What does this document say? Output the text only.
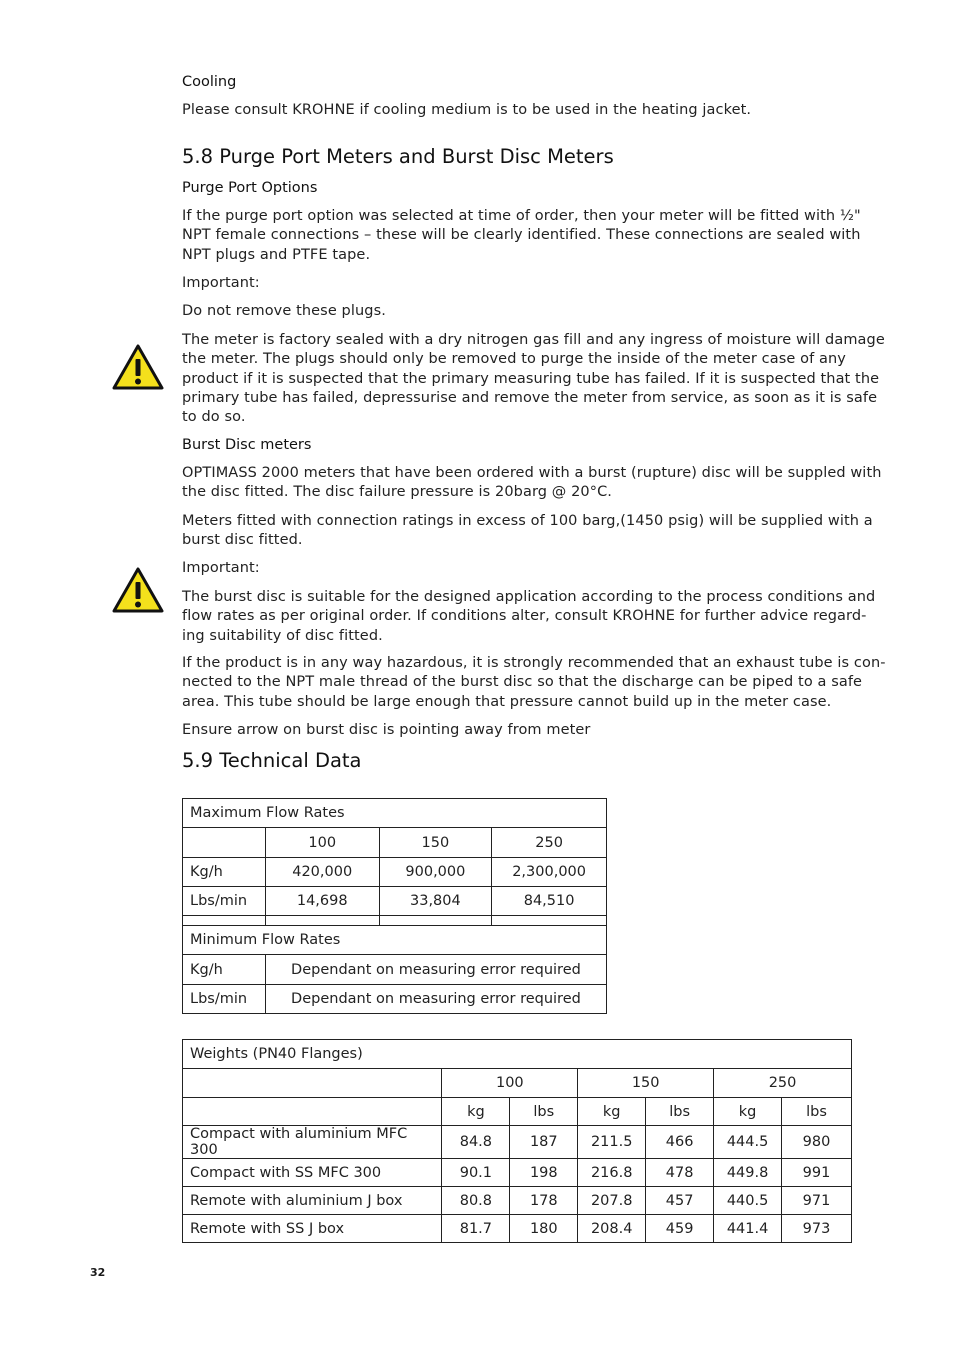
Cooling
Please consult KROHNE if cooling medium is to be used in the heating jacket.
5.8 Purge Port Meters and Burst Disc Meters
Purge Port Options
If the purge port option was selected at time of order, then your meter will be fitted with ½"
NPT female connections – these will be clearly identified. These connections are sealed with
NPT plugs and PTFE tape.
Important:
Do not remove these plugs.
The meter is factory sealed with a dry nitrogen gas fill and any ingress of moisture will damage
the meter. The plugs should only be removed to purge the inside of the meter case of any
product if it is suspected that the primary measuring tube has failed. If it is suspected that the
primary tube has failed, depressurise and remove the meter from service, as soon as it is safe
to do so.
Burst Disc meters
OPTIMASS 2000 meters that have been ordered with a burst (rupture) disc will be suppled with
the disc fitted. The disc failure pressure is 20barg @ 20°C.
Meters fitted with connection ratings in excess of 100 barg,(1450 psig) will be supplied with a
burst disc fitted.
Important:
The burst disc is suitable for the designed application according to the process conditions and
flow rates as per original order. If conditions alter, consult KROHNE for further advice regard-
ing suitability of disc fitted.
If the product is in any way hazardous, it is strongly recommended that an exhaust tube is con-
nected to the NPT male thread of the burst disc so that the discharge can be piped to a safe
area. This tube should be large enough that pressure cannot build up in the meter case.
Ensure arrow on burst disc is pointing away from meter
5.9 Technical Data
Maximum Flow Rates			
	100	150	250
Kg/h	420,000	900,000	2,300,000
Lbs/min	14,698	33,804	84,510

Minimum Flow Rates			
Kg/h	Dependant on measuring error required		
Lbs/min	Dependant on measuring error required		
Weights (PN40 Flanges)						
	100		150		250	
	kg	lbs	kg	lbs	kg	lbs
Compact with aluminium MFC 300	84.8	187	211.5	466	444.5	980
Compact with SS MFC 300	90.1	198	216.8	478	449.8	991
Remote with aluminium J box	80.8	178	207.8	457	440.5	971
Remote with SS J box	81.7	180	208.4	459	441.4	973
32
